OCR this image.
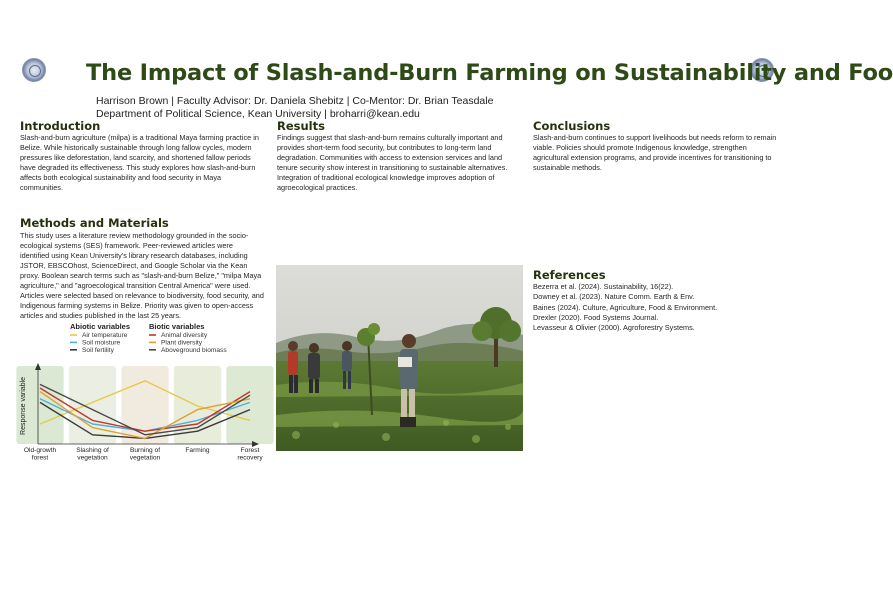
The Impact of Slash-and-Burn Farming on Sustainability and Foo
Harrison Brown | Faculty Advisor: Dr. Daniela Shebitz | Co-Mentor: Dr. Brian Teasdale
Department of Political Science, Kean University | broharri@kean.edu
Introduction

Slash-and-burn agriculture (milpa) is a traditional Maya farming practice in Belize. While historically sustainable through long fallow cycles, modern pressures like deforestation, land scarcity, and shortened fallow periods have degraded its effectiveness. This study explores how slash-and-burn affects both ecological sustainability and food security in Maya communities.

Results

Findings suggest that slash-and-burn remains culturally important and provides short-term food security, but contributes to long-term land degradation. Communities with access to extension services and land tenure security show interest in transitioning to sustainable alternatives. Integration of traditional ecological knowledge improves adoption of agroecological practices.

Conclusions

Slash-and-burn continues to support livelihoods but needs reform to remain viable. Policies should promote Indigenous knowledge, strengthen agricultural extension programs, and provide incentives for transitioning to sustainable methods.

Methods and Materials

This study uses a literature review methodology grounded in the socio-ecological systems (SES) framework. Peer-reviewed articles were identified using Kean University's library research databases, including JSTOR, EBSCOhost, ScienceDirect, and Google Scholar via the Kean proxy. Boolean search terms such as "slash-and-burn Belize," "milpa Maya agriculture," and "agroecological transition Central America" were used. Articles were selected based on relevance to biodiversity, food security, and Indigenous farming systems in Belize. Priority was given to open-access articles and studies published in the last 25 years.

References
Bezerra et al. (2024). Sustainability, 16(22).
Downey et al. (2023). Nature Comm. Earth & Env.
Baines (2024). Culture, Agriculture, Food & Environment.
Drexler (2020). Food Systems Journal.
Levasseur & Olivier (2000). Agroforestry Systems.
Abiotic variables	Biotic variables
Air temperature
Soil moisture
Soil fertility
Animal diversity
Plant diversity
Aboveground biomass
Response variable
Old-growth forest
Slashing of vegetation
Burning of vegetation
Farming	Forest recovery
